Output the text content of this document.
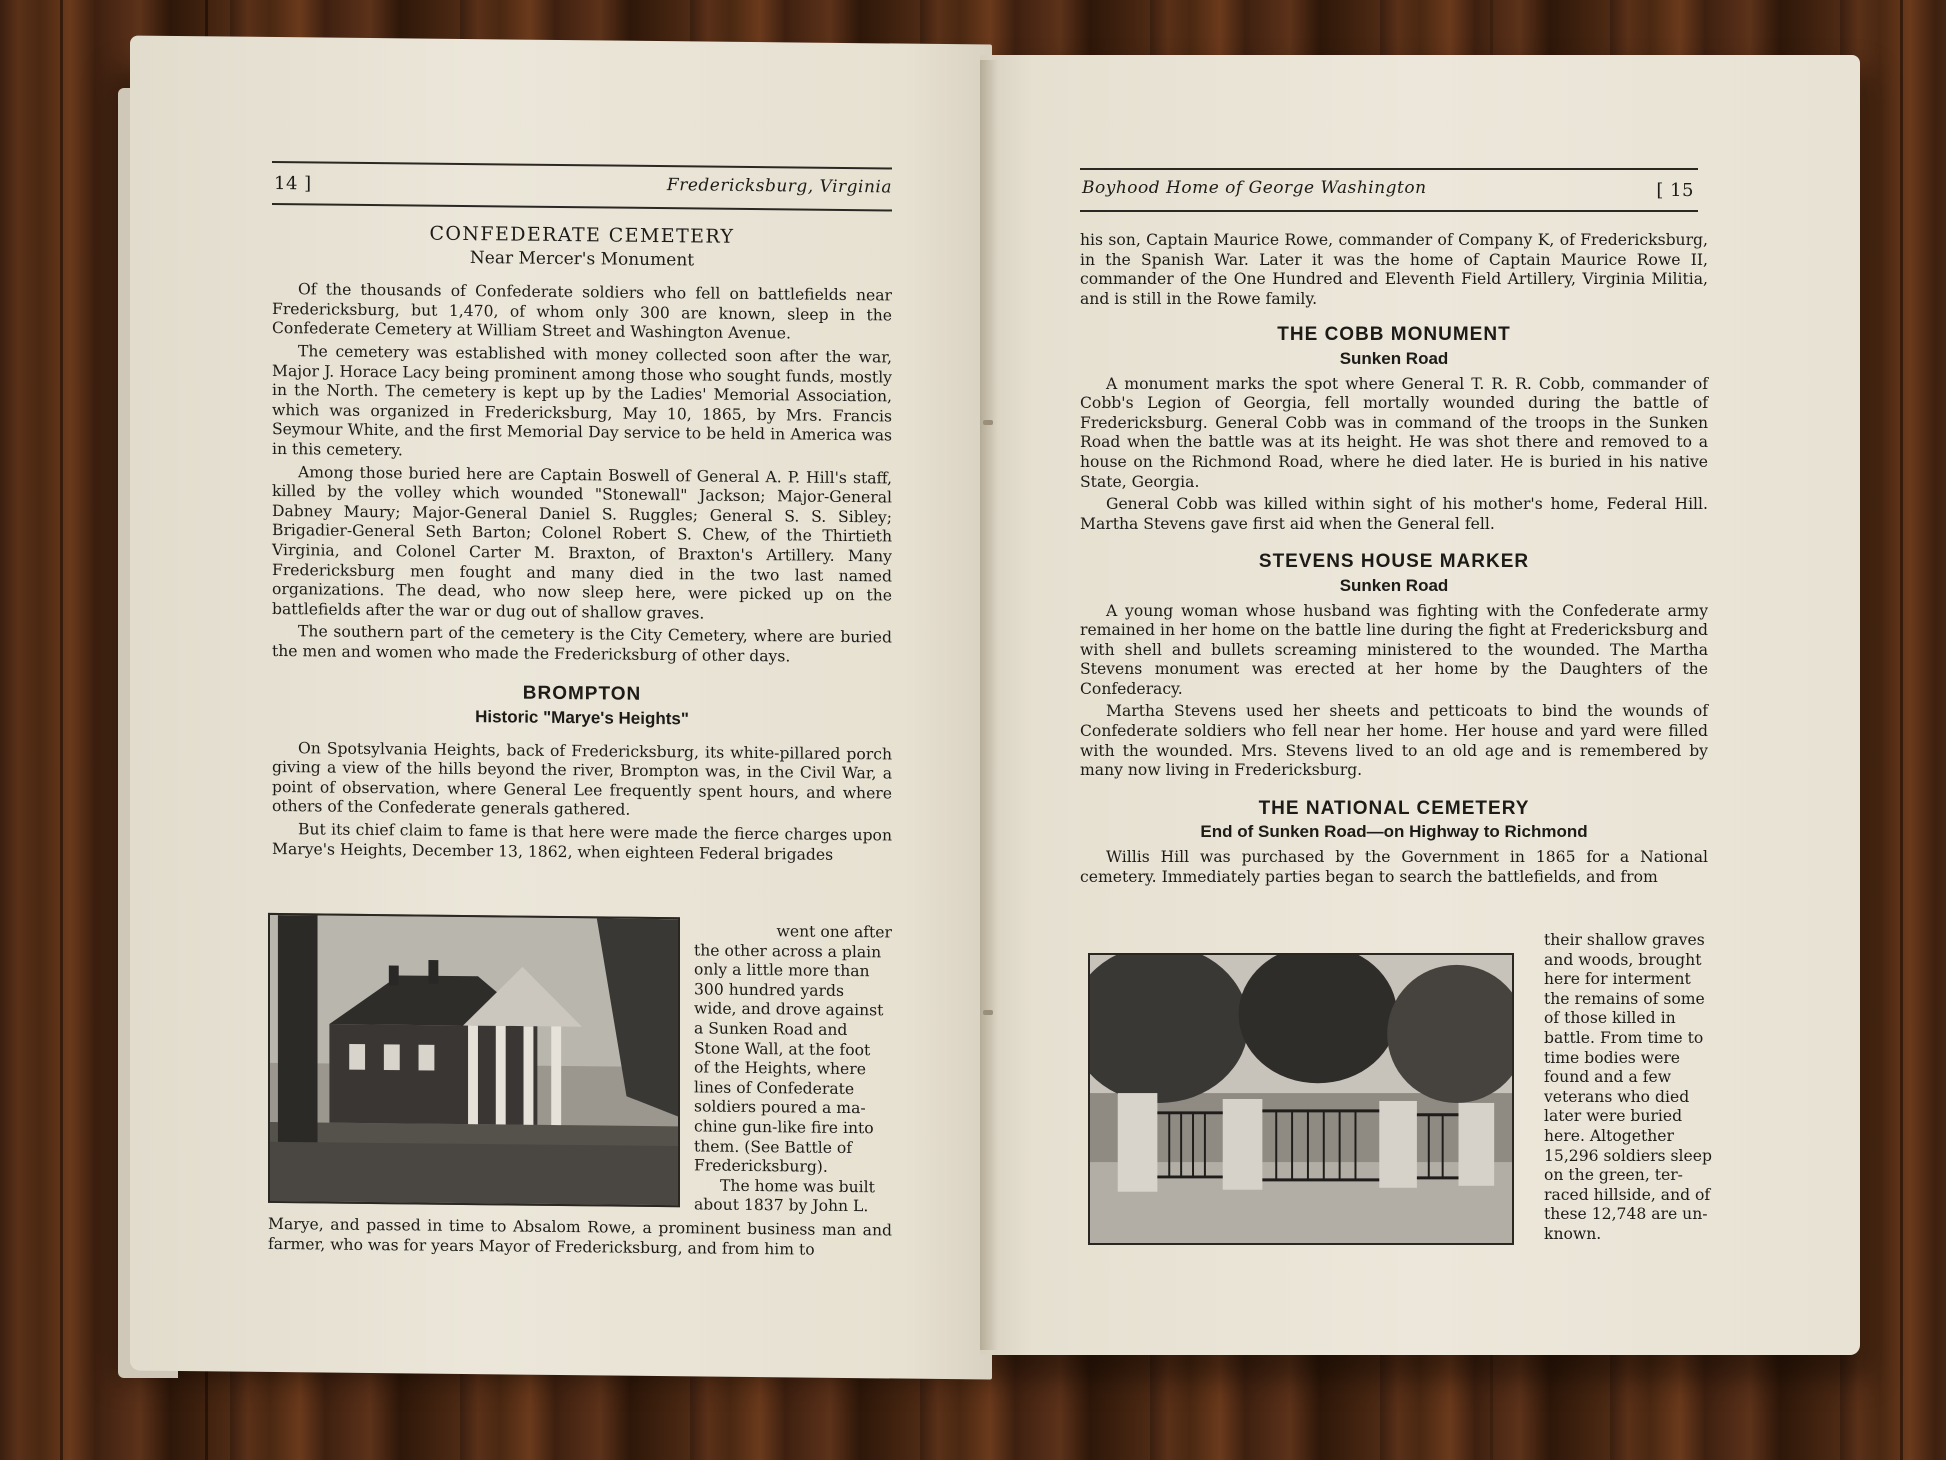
14 ]	Fredericksburg, Virginia
CONFEDERATE CEMETERY
Near Mercer's Monument

Of the thousands of Confederate soldiers who fell on battlefields near Fredericksburg, but 1,470, of whom only 300 are known, sleep in the Confederate Cemetery at William Street and Washington Avenue.

The cemetery was established with money collected soon after the war, Major J. Horace Lacy being prominent among those who sought funds, mostly in the North. The cemetery is kept up by the Ladies' Memorial Association, which was organized in Fredericksburg, May 10, 1865, by Mrs. Francis Seymour White, and the first Memorial Day service to be held in America was in this cemetery.

Among those buried here are Captain Boswell of General A. P. Hill's staff, killed by the volley which wounded "Stonewall" Jackson; Major-General Dabney Maury; Major-General Daniel S. Ruggles; General S. S. Sibley; Brigadier-General Seth Barton; Colonel Robert S. Chew, of the Thirtieth Virginia, and Colonel Carter M. Braxton, of Braxton's Artillery. Many Fredericksburg men fought and many died in the two last named organizations. The dead, who now sleep here, were picked up on the battlefields after the war or dug out of shallow graves.

The southern part of the cemetery is the City Cemetery, where are buried the men and women who made the Fredericksburg of other days.

BROMPTON
Historic "Marye's Heights"

On Spotsylvania Heights, back of Fredericksburg, its white-pillared porch giving a view of the hills beyond the river, Brompton was, in the Civil War, a point of observation, where General Lee frequently spent hours, and where others of the Confederate generals gathered.

But its chief claim to fame is that here were made the fierce charges upon Marye's Heights, December 13, 1862, when eighteen Federal brigades

went one after

the other across a plain

only a little more than

300 hundred yards

wide, and drove against

a Sunken Road and

Stone Wall, at the foot

of the Heights, where

lines of Confederate

soldiers poured a ma-

chine gun-like fire into

them. (See Battle of

Fredericksburg).

The home was built

about 1837 by John L.

Marye, and passed in time to Absalom Rowe, a prominent business man and farmer, who was for years Mayor of Fredericksburg, and from him to

Boyhood Home of George Washington	[ 15

his son, Captain Maurice Rowe, commander of Company K, of Fredericksburg, in the Spanish War. Later it was the home of Captain Maurice Rowe II, commander of the One Hundred and Eleventh Field Artillery, Virginia Militia, and is still in the Rowe family.

THE COBB MONUMENT
Sunken Road

A monument marks the spot where General T. R. R. Cobb, commander of Cobb's Legion of Georgia, fell mortally wounded during the battle of Fredericksburg. General Cobb was in command of the troops in the Sunken Road when the battle was at its height. He was shot there and removed to a house on the Richmond Road, where he died later. He is buried in his native State, Georgia.

General Cobb was killed within sight of his mother's home, Federal Hill. Martha Stevens gave first aid when the General fell.

STEVENS HOUSE MARKER
Sunken Road

A young woman whose husband was fighting with the Confederate army remained in her home on the battle line during the fight at Fredericksburg and with shell and bullets screaming ministered to the wounded. The Martha Stevens monument was erected at her home by the Daughters of the Confederacy.

Martha Stevens used her sheets and petticoats to bind the wounds of Confederate soldiers who fell near her home. Her house and yard were filled with the wounded. Mrs. Stevens lived to an old age and is remembered by many now living in Fredericksburg.

THE NATIONAL CEMETERY
End of Sunken Road—on Highway to Richmond

Willis Hill was purchased by the Government in 1865 for a National cemetery. Immediately parties began to search the battlefields, and from

their shallow graves

and woods, brought

here for interment

the remains of some

of those killed in

battle. From time to

time bodies were

found and a few

veterans who died

later were buried

here. Altogether

15,296 soldiers sleep

on the green, ter-

raced hillside, and of

these 12,748 are un-

known.
